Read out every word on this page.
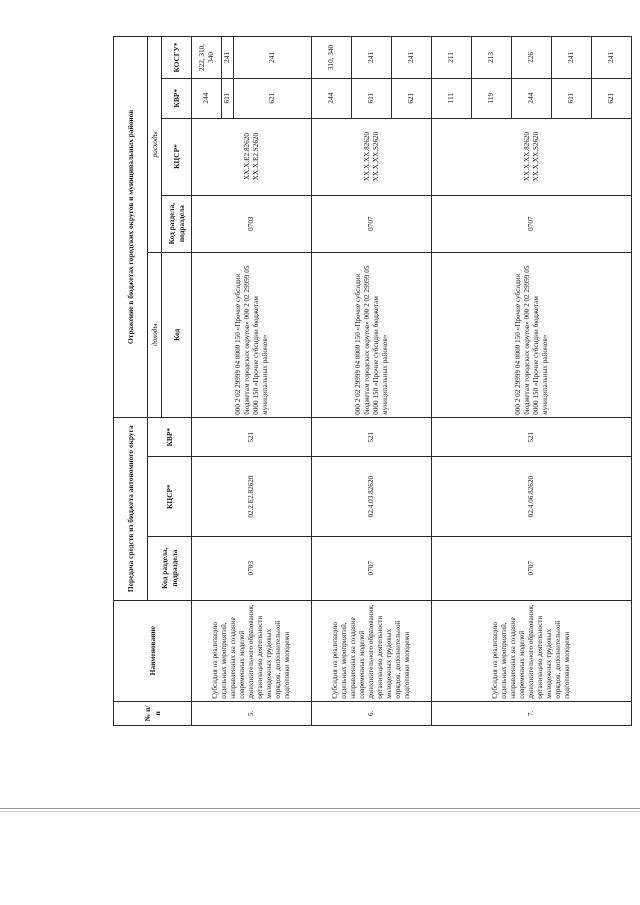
№ п/п	Наименование	Передача средств из бюджета автономного округа			Отражение в бюджетах городских округов и муниципальных районов				
		Код раздела, подраздела	КЦСР*	КВР*	доходы	расходы			
					Код	Код раздела, подраздела	КЦСР*	КВР*	КОСГУ*
5.	Субсидия на реализацию отдельных мероприятий, направленных на создание современных моделей дополнительного образования, организацию деятельности молодежных трудовых отрядов, дополнительной подготовки молодежи	0703	02.2.E2.82620	521	000 2 02 29999 04 0000 150 «Прочие субсидии бюджетам городских округов» 000 2 02 29999 05 0000 150 «Прочие субсидии бюджетам муниципальных районов»	0703	XX.X.E2.82620 XX.X.E2.S2620	244	222, 310, 340
								611	241
								621	241
6.	Субсидия на реализацию отдельных мероприятий, направленных на создание современных моделей дополнительного образования, организацию деятельности молодежных трудовых отрядов, дополнительной подготовки молодежи	0707	02.4.03.82620	521	000 2 02 29999 04 0000 150 «Прочие субсидии бюджетам городских округов» 000 2 02 29999 05 0000 150 «Прочие субсидии бюджетам муниципальных районов»	0707	XX.X.XX.82620 XX.X.XX.S2620	244	310, 340
								611	241
								621	241
7.	Субсидия на реализацию отдельных мероприятий, направленных на создание современных моделей дополнительного образования, организацию деятельности молодежных трудовых отрядов, дополнительной подготовки молодежи	0707	02.4.06.82620	521	000 2 02 29999 04 0000 150 «Прочие субсидии бюджетам городских округов» 000 2 02 29999 05 0000 150 «Прочие субсидии бюджетам муниципальных районов»	0707	XX.X.XX.82620 XX.X.XX.S2620	111	211
								119	213
								244	226
								611	241
								621	241
